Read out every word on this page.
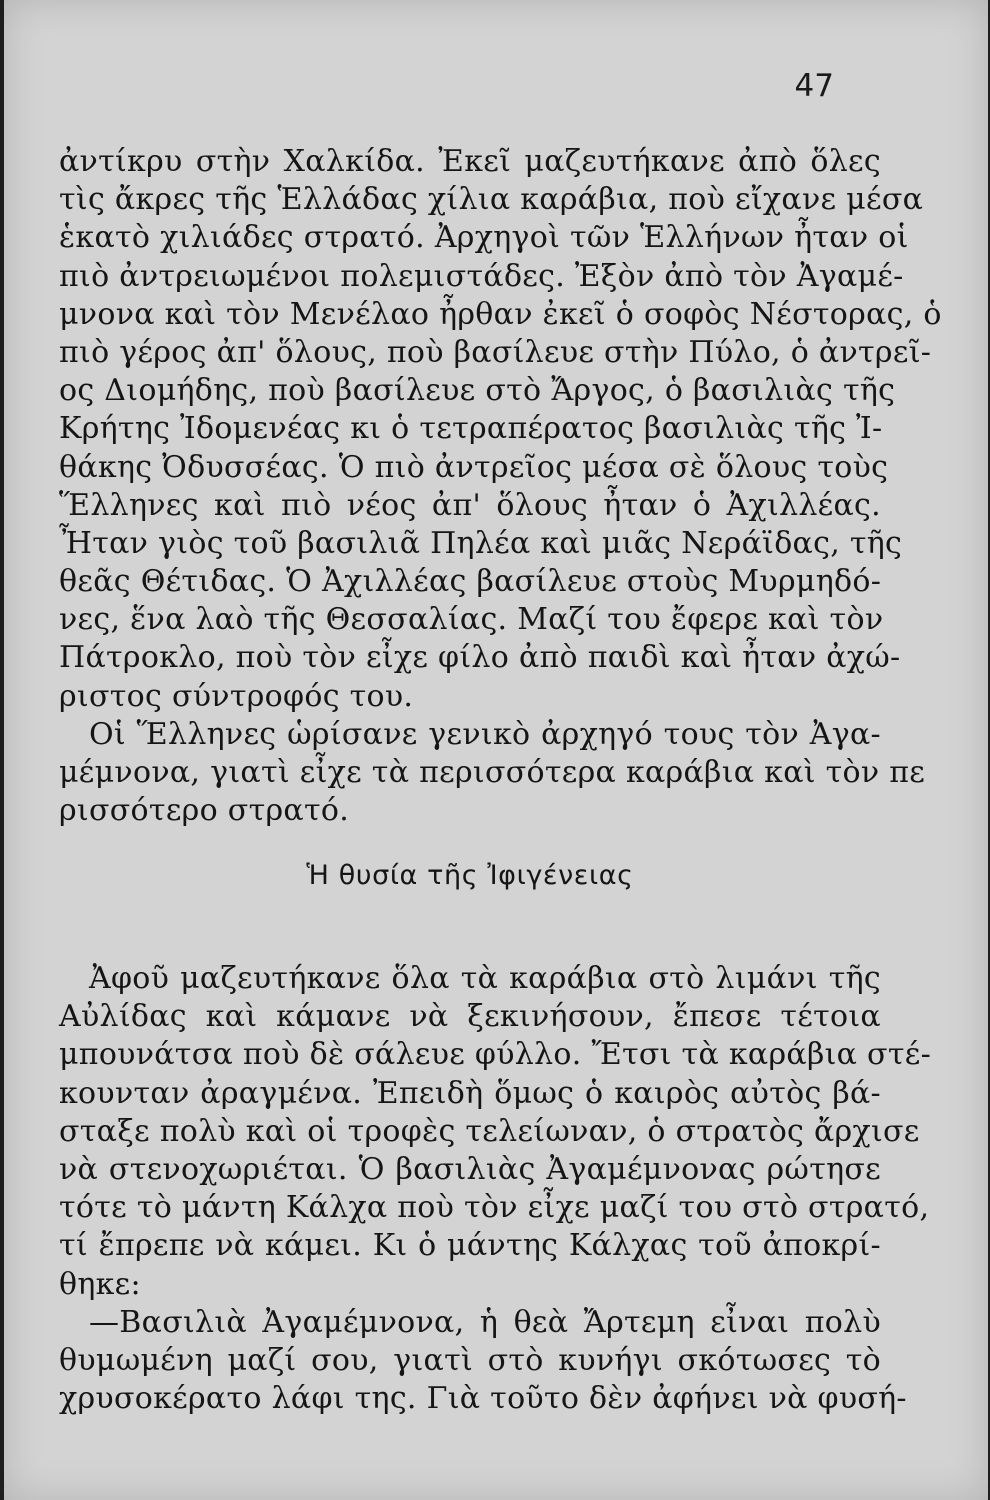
47
ἀντίκρυ στὴν Χαλκίδα. Ἐκεῖ μαζευτήκανε ἀπὸ ὅλες
τὶς ἄκρες τῆς Ἑλλάδας χίλια καράβια, ποὺ εἴχανε μέσα
ἑκατὸ χιλιάδες στρατό. Ἀρχηγοὶ τῶν Ἑλλήνων ἦταν οἱ
πιὸ ἀντρειωμένοι πολεμιστάδες. Ἐξὸν ἀπὸ τὸν Ἀγαμέ-
μνονα καὶ τὸν Μενέλαο ἦρθαν ἐκεῖ ὁ σοφὸς Νέστορας, ὁ
πιὸ γέρος ἀπ' ὅλους, ποὺ βασίλευε στὴν Πύλο, ὁ ἀντρεῖ-
ος Διομήδης, ποὺ βασίλευε στὸ Ἄργος, ὁ βασιλιὰς τῆς
Κρήτης Ἰδομενέας κι ὁ τετραπέρατος βασιλιὰς τῆς Ἰ-
θάκης Ὀδυσσέας. Ὁ πιὸ ἀντρεῖος μέσα σὲ ὅλους τοὺς
Ἕλληνες καὶ πιὸ νέος ἀπ' ὅλους ἦταν ὁ Ἀχιλλέας.
Ἦταν γιὸς τοῦ βασιλιᾶ Πηλέα καὶ μιᾶς Νεράϊδας, τῆς
θεᾶς Θέτιδας. Ὁ Ἀχιλλέας βασίλευε στοὺς Μυρμηδό-
νες, ἕνα λαὸ τῆς Θεσσαλίας. Μαζί του ἔφερε καὶ τὸν
Πάτροκλο, ποὺ τὸν εἶχε φίλο ἀπὸ παιδὶ καὶ ἦταν ἀχώ-
ριστος σύντροφός του.
Οἱ Ἕλληνες ὡρίσανε γενικὸ ἀρχηγό τους τὸν Ἀγα-
μέμνονα, γιατὶ εἶχε τὰ περισσότερα καράβια καὶ τὸν πε
ρισσότερο στρατό.
Ἡ θυσία τῆς Ἰφιγένειας
Ἀφοῦ μαζευτήκανε ὅλα τὰ καράβια στὸ λιμάνι τῆς
Αὐλίδας καὶ κάμανε νὰ ξεκινήσουν, ἔπεσε τέτοια
μπουνάτσα ποὺ δὲ σάλευε φύλλο. Ἔτσι τὰ καράβια στέ-
κουνταν ἀραγμένα. Ἐπειδὴ ὅμως ὁ καιρὸς αὐτὸς βά-
σταξε πολὺ καὶ οἱ τροφὲς τελείωναν, ὁ στρατὸς ἄρχισε
νὰ στενοχωριέται. Ὁ βασιλιὰς Ἀγαμέμνονας ρώτησε
τότε τὸ μάντη Κάλχα ποὺ τὸν εἶχε μαζί του στὸ στρατό,
τί ἔπρεπε νὰ κάμει. Κι ὁ μάντης Κάλχας τοῦ ἀποκρί-
θηκε:
—Βασιλιὰ Ἀγαμέμνονα, ἡ θεὰ Ἄρτεμη εἶναι πολὺ
θυμωμένη μαζί σου, γιατὶ στὸ κυνήγι σκότωσες τὸ
χρυσοκέρατο λάφι της. Γιὰ τοῦτο δὲν ἀφήνει νὰ φυσή-
